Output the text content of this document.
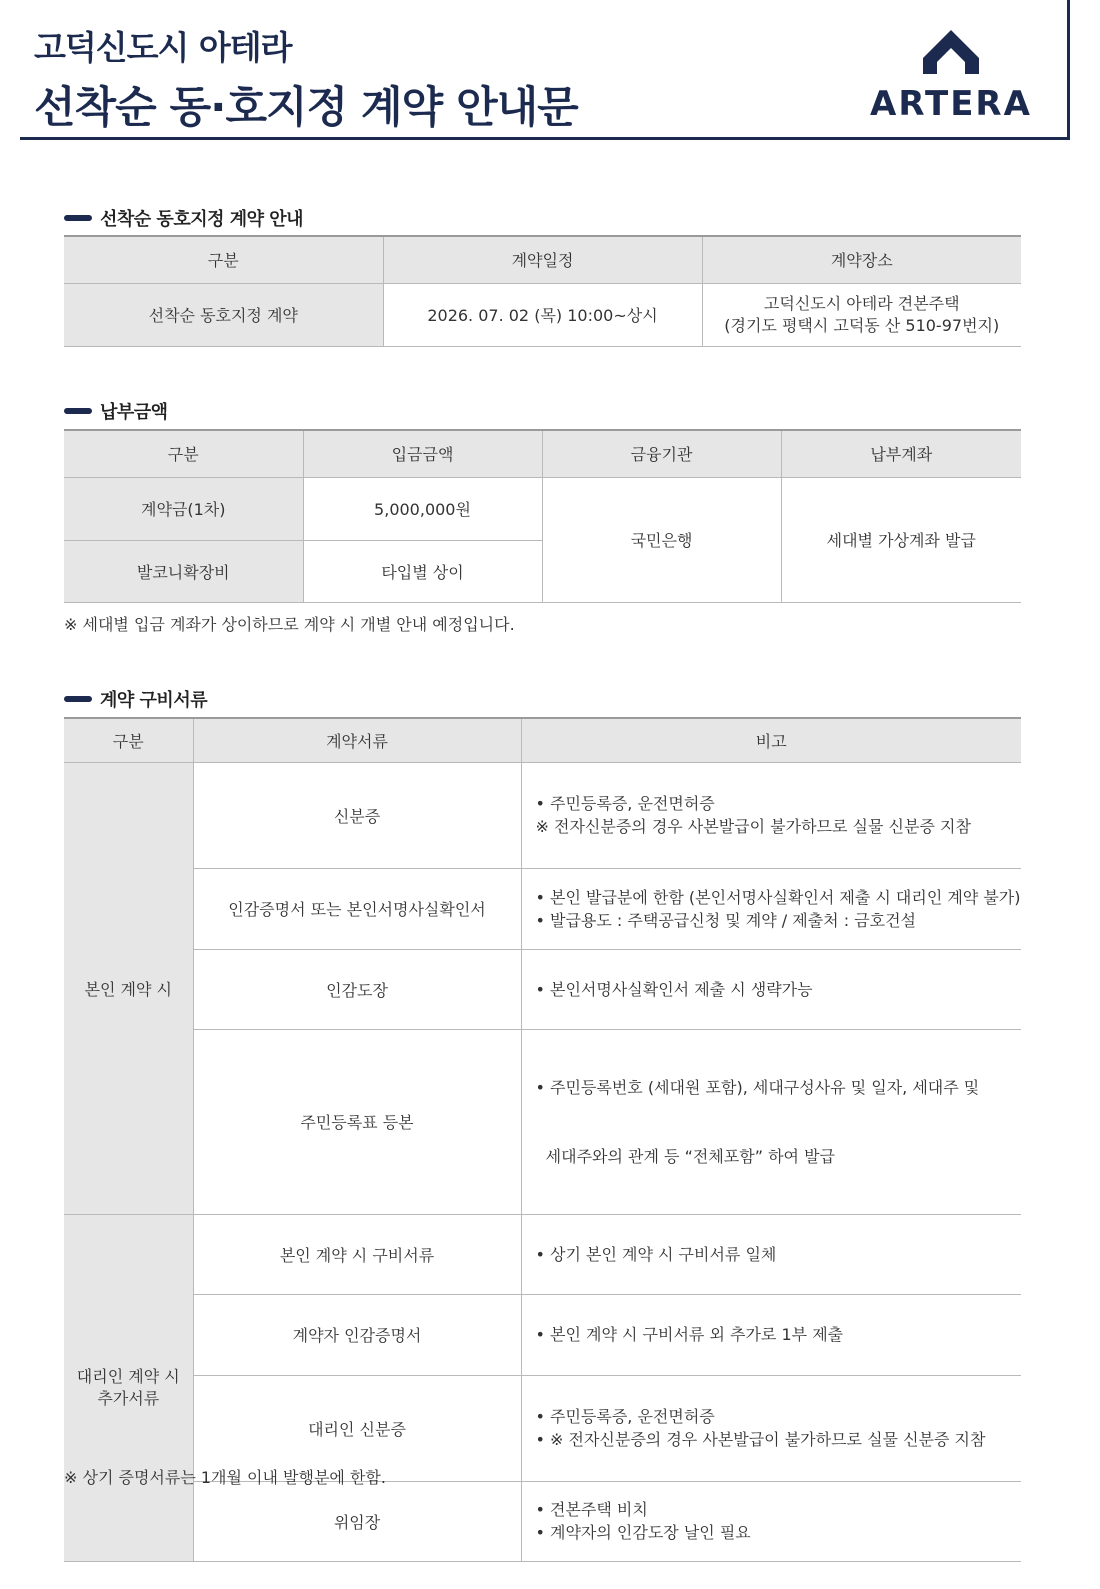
고덕신도시 아테라
선착순 동·호지정 계약 안내문	ARTERA
선착순 동호지정 계약 안내
구분	계약일정	계약장소
선착순 동호지정 계약	2026. 07. 02 (목) 10:00~상시	고덕신도시 아테라 견본주택
(경기도 평택시 고덕동 산 510-97번지)
납부금액
구분	입금금액	금융기관	납부계좌
계약금(1차)	5,000,000원	국민은행	세대별 가상계좌 발급
발코니확장비	타입별 상이		
※ 세대별 입금 계좌가 상이하므로 계약 시 개별 안내 예정입니다.
계약 구비서류
구분	계약서류	비고
본인 계약 시	신분증	• 주민등록증, 운전면허증
※ 전자신분증의 경우 사본발급이 불가하므로 실물 신분증 지참

	인감증명서 또는 본인서명사실확인서	• 본인 발급분에 한함 (본인서명사실확인서 제출 시 대리인 계약 불가)
• 발급용도 : 주택공급신청 및 계약 / 제출처 : 금호건설

	인감도장	• 본인서명사실확인서 제출 시 생략가능

	주민등록표 등본	• 주민등록번호 (세대원 포함), 세대구성사유 및 일자, 세대주 및

세대주와의 관계 등 “전체포함” 하여 발급

대리인 계약 시
추가서류	본인 계약 시 구비서류	• 상기 본인 계약 시 구비서류 일체

	계약자 인감증명서	• 본인 계약 시 구비서류 외 추가로 1부 제출

	대리인 신분증	• 주민등록증, 운전면허증
• ※ 전자신분증의 경우 사본발급이 불가하므로 실물 신분증 지참

	위임장	• 견본주택 비치
• 계약자의 인감도장 날인 필요
※ 상기 증명서류는 1개월 이내 발행분에 한함.
